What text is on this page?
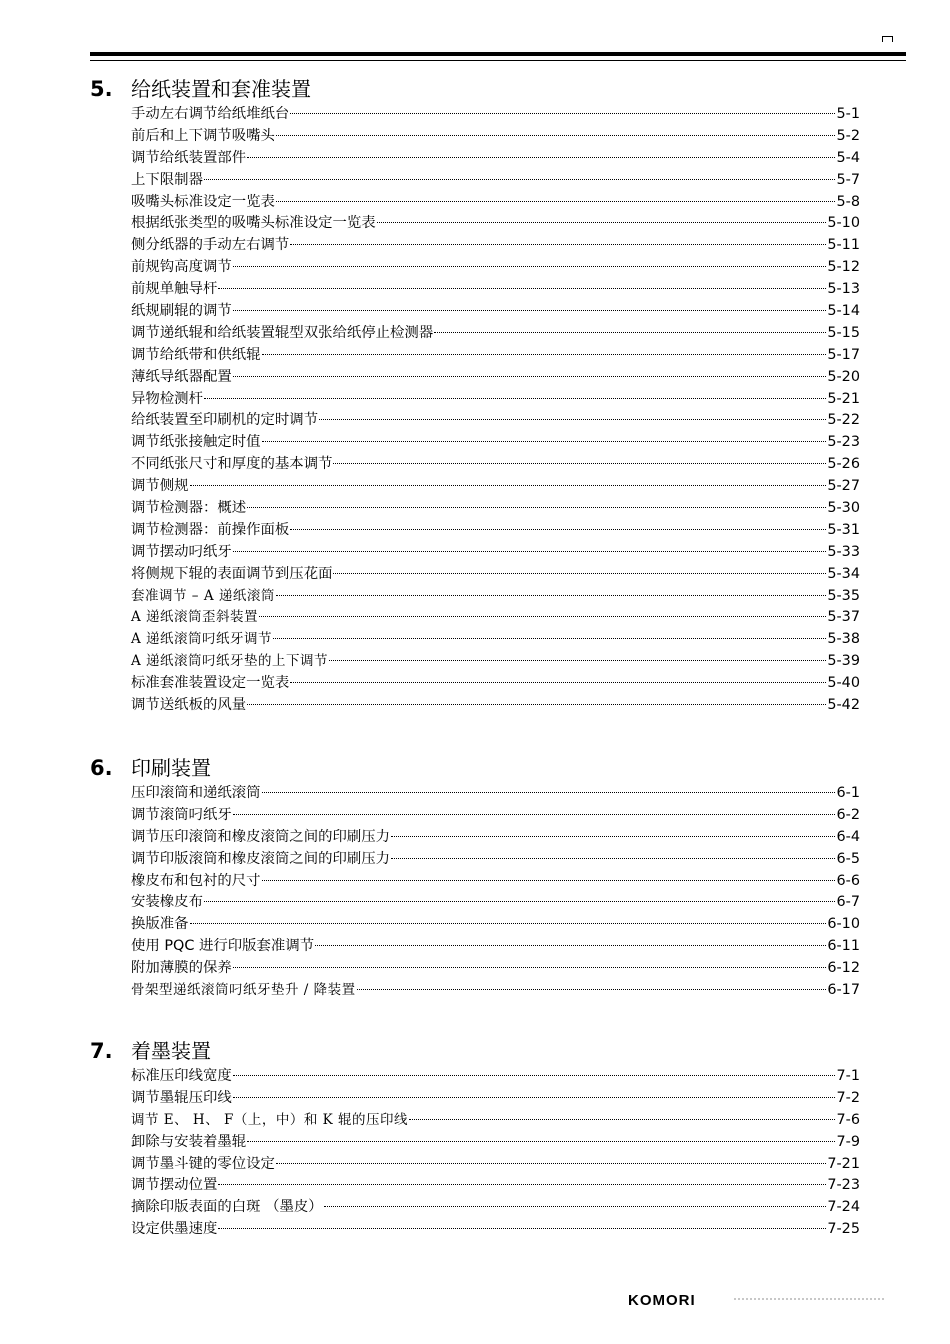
5. 给纸装置和套准装置
手动左右调节给纸堆纸台	5-1
前后和上下调节吸嘴头	5-2
调节给纸装置部件	5-4
上下限制器	5-7
吸嘴头标准设定一览表	5-8
根据纸张类型的吸嘴头标准设定一览表	5-10
侧分纸器的手动左右调节	5-11
前规钩高度调节	5-12
前规单触导杆	5-13
纸规刷辊的调节	5-14
调节递纸辊和给纸装置辊型双张给纸停止检测器	5-15
调节给纸带和供纸辊	5-17
薄纸导纸器配置	5-20
异物检测杆	5-21
给纸装置至印刷机的定时调节	5-22
调节纸张接触定时值	5-23
不同纸张尺寸和厚度的基本调节	5-26
调节侧规	5-27
调节检测器：概述	5-30
调节检测器：前操作面板	5-31
调节摆动叼纸牙	5-33
将侧规下辊的表面调节到压花面	5-34
套准调节 – A 递纸滚筒	5-35
A 递纸滚筒歪斜装置	5-37
A 递纸滚筒叼纸牙调节	5-38
A 递纸滚筒叼纸牙垫的上下调节	5-39
标准套准装置设定一览表	5-40
调节送纸板的风量	5-42
6. 印刷装置
压印滚筒和递纸滚筒	6-1
调节滚筒叼纸牙	6-2
调节压印滚筒和橡皮滚筒之间的印刷压力	6-4
调节印版滚筒和橡皮滚筒之间的印刷压力	6-5
橡皮布和包衬的尺寸	6-6
安装橡皮布	6-7
换版准备	6-10
使用 PQC 进行印版套准调节	6-11
附加薄膜的保养	6-12
骨架型递纸滚筒叼纸牙垫升 / 降装置	6-17
7. 着墨装置
标准压印线宽度	7-1
调节墨辊压印线	7-2
调节 E、 H、 F（上，中）和 K 辊的压印线	7-6
卸除与安装着墨辊	7-9
调节墨斗键的零位设定	7-21
调节摆动位置	7-23
摘除印版表面的白斑 （墨皮）	7-24
设定供墨速度	7-25
KOMORI
